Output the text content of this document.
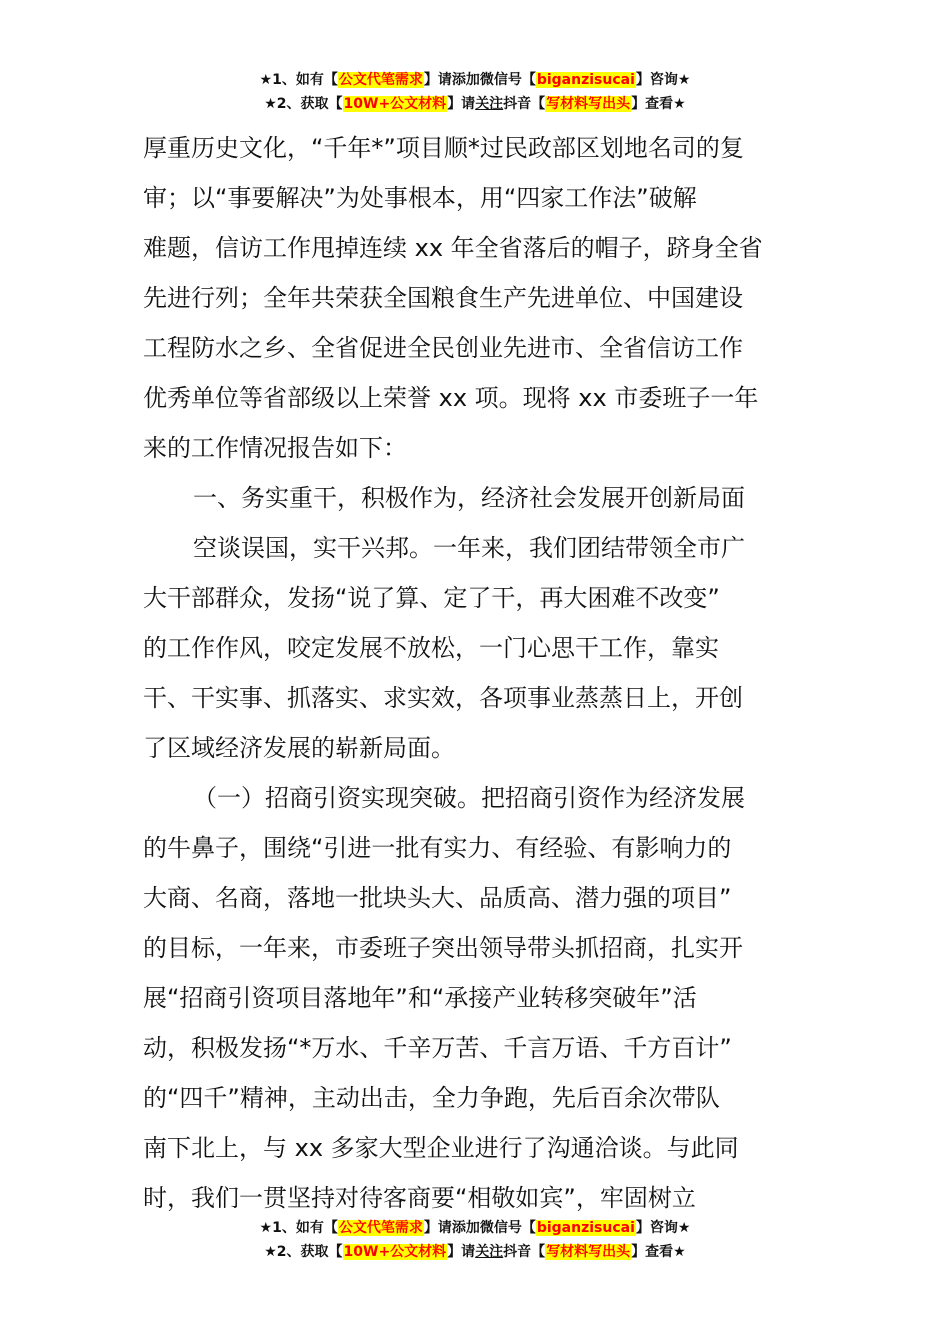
★1、如有【公文代笔需求】请添加微信号【biganzisucai】咨询★
★2、获取【10W+公文材料】请关注抖音【写材料写出头】查看★
厚重历史文化，“千年*”项目顺*过民政部区划地名司的复
审；以“事要解决”为处事根本，用“四家工作法”破解
难题，信访工作甩掉连续 xx 年全省落后的帽子，跻身全省
先进行列；全年共荣获全国粮食生产先进单位、中国建设
工程防水之乡、全省促进全民创业先进市、全省信访工作
优秀单位等省部级以上荣誉 xx 项。现将 xx 市委班子一年
来的工作情况报告如下：
一、务实重干，积极作为，经济社会发展开创新局面
空谈误国，实干兴邦。一年来，我们团结带领全市广
大干部群众，发扬“说了算、定了干，再大困难不改变”
的工作作风，咬定发展不放松，一门心思干工作，靠实
干、干实事、抓落实、求实效，各项事业蒸蒸日上，开创
了区域经济发展的崭新局面。
（一）招商引资实现突破。把招商引资作为经济发展
的牛鼻子，围绕“引进一批有实力、有经验、有影响力的
大商、名商，落地一批块头大、品质高、潜力强的项目”
的目标，一年来，市委班子突出领导带头抓招商，扎实开
展“招商引资项目落地年”和“承接产业转移突破年”活
动，积极发扬“*万水、千辛万苦、千言万语、千方百计”
的“四千”精神，主动出击，全力争跑，先后百余次带队
南下北上，与 xx 多家大型企业进行了沟通洽谈。与此同
时，我们一贯坚持对待客商要“相敬如宾”，牢固树立
★1、如有【公文代笔需求】请添加微信号【biganzisucai】咨询★
★2、获取【10W+公文材料】请关注抖音【写材料写出头】查看★
